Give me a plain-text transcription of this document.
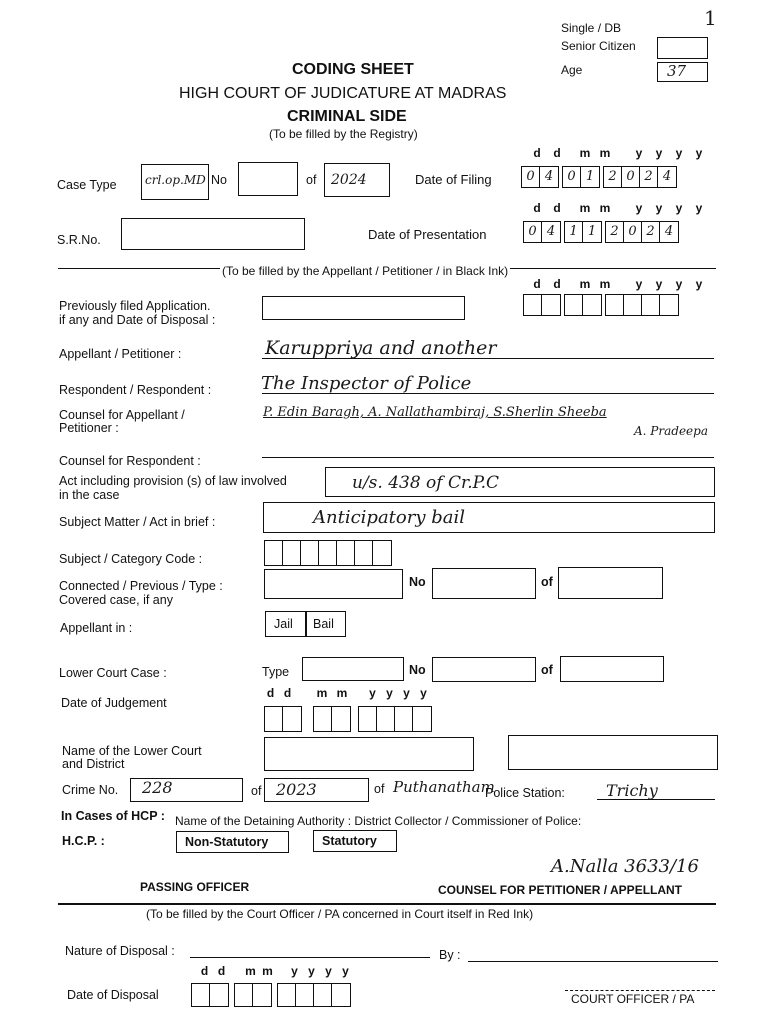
Single / DB	1
Senior Citizen
Age	37
CODING SHEET
HIGH COURT OF JUDICATURE AT MADRAS
CRIMINAL SIDE
(To be filled by the Registry)
d d m m y y y y
Case Type crl.op.MD No	of 2024	Date of Filing	0 4	0 1	2 0 2 4
d d m m y y y y
S.R.No.	Date of Presentation	0 4	1 1	2 0 2 4
(To be filled by the Appellant / Petitioner / in Black Ink)
d d m m y y y y
Previously filed Application.
if any and Date of Disposal :
Appellant / Petitioner :	Karuppriya and another
Respondent / Respondent :	The Inspector of Police
Counsel for Appellant /
Petitioner :
P. Edin Baragh, A. Nallathambiraj, S.Sherlin Sheeba
A. Pradeepa
Counsel for Respondent :
Act including provision (s) of law involved
in the case
u/s. 438 of Cr.P.C
Subject Matter / Act in brief :	Anticipatory bail
Subject / Category Code :
Connected / Previous / Type :
Covered case, if any
No	of
Appellant in :	Jail Bail
Lower Court Case :	Type	No	of
d d m m y y y y
Date of Judgement
Name of the Lower Court
and District
Crime No. 228	of 2023	of Puthanatham
Police Station:	Trichy
In Cases of HCP : Name of the Detaining Authority : District Collector / Commissioner of Police:
H.C.P. :	Non-Statutory	Statutory
A.Nalla 3633/16
PASSING OFFICER	COUNSEL FOR PETITIONER / APPELLANT
(To be filled by the Court Officer / PA concerned in Court itself in Red Ink)
Nature of Disposal :	By :
d d m m y y y y
Date of Disposal	COURT OFFICER / PA
